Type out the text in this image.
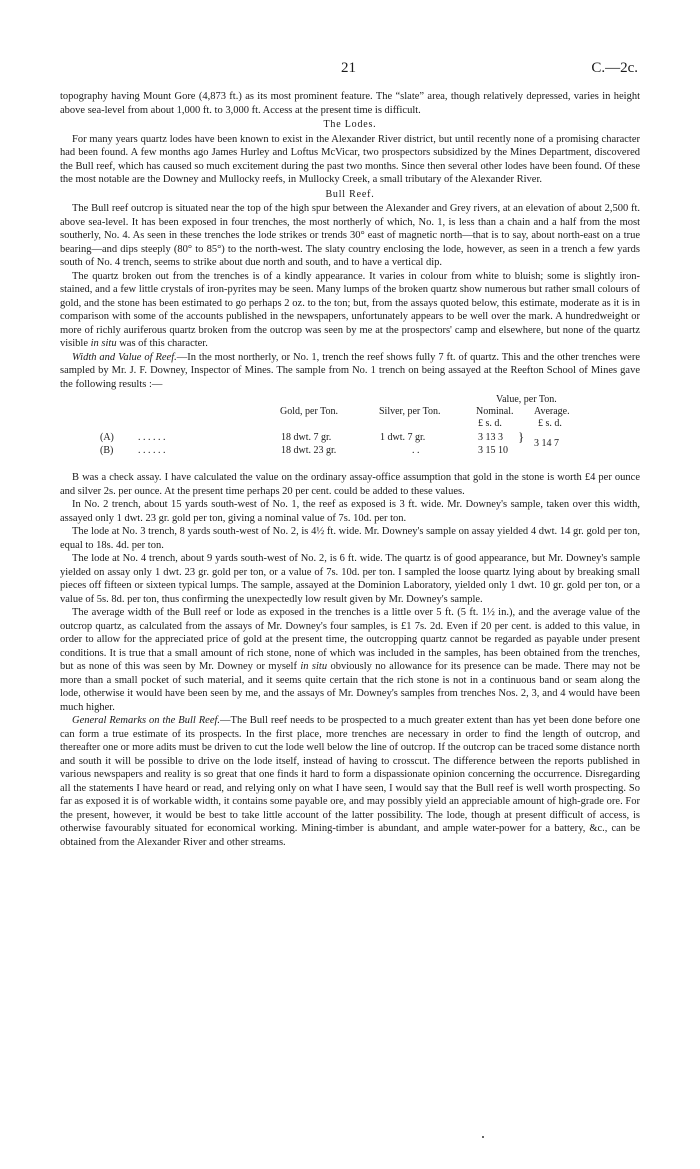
21	C.—2c.

topography having Mount Gore (4,873 ft.) as its most prominent feature. The “slate” area, though relatively depressed, varies in height above sea-level from about 1,000 ft. to 3,000 ft. Access at the present time is difficult.

The Lodes.

For many years quartz lodes have been known to exist in the Alexander River district, but until recently none of a promising character had been found. A few months ago James Hurley and Loftus McVicar, two prospectors subsidized by the Mines Department, discovered the Bull reef, which has caused so much excitement during the past two months. Since then several other lodes have been found. Of these the most notable are the Downey and Mullocky reefs, in Mullocky Creek, a small tributary of the Alexander River.

Bull Reef.

The Bull reef outcrop is situated near the top of the high spur between the Alexander and Grey rivers, at an elevation of about 2,500 ft. above sea-level. It has been exposed in four trenches, the most northerly of which, No. 1, is less than a chain and a half from the most southerly, No. 4. As seen in these trenches the lode strikes or trends 30° east of magnetic north—that is to say, about north-east on a true bearing—and dips steeply (80° to 85°) to the north-west. The slaty country enclosing the lode, however, as seen in a trench a few yards south of No. 4 trench, seems to strike about due north and south, and to have a vertical dip.

The quartz broken out from the trenches is of a kindly appearance. It varies in colour from white to bluish; some is slightly iron-stained, and a few little crystals of iron-pyrites may be seen. Many lumps of the broken quartz show numerous but rather small colours of gold, and the stone has been estimated to go perhaps 2 oz. to the ton; but, from the assays quoted below, this estimate, moderate as it is in comparison with some of the accounts published in the newspapers, unfortunately appears to be well over the mark. A hundredweight or more of richly auriferous quartz broken from the outcrop was seen by me at the prospectors' camp and elsewhere, but none of the quartz visible in situ was of this character.

Width and Value of Reef.—In the most northerly, or No. 1, trench the reef shows fully 7 ft. of quartz. This and the other trenches were sampled by Mr. J. F. Downey, Inspector of Mines. The sample from No. 1 trench on being assayed at the Reefton School of Mines gave the following results :—

Value, per Ton.
Gold, per Ton.	Silver, per Ton.	Nominal. Average.
£ s. d.	£ s. d.
(A) . . . . . .	18 dwt. 7 gr.	1 dwt. 7 gr.	3 13 3
(B) . . . . . .	18 dwt. 23 gr.	. .	3 15 10
} 3 14 7

B was a check assay. I have calculated the value on the ordinary assay-office assumption that gold in the stone is worth £4 per ounce and silver 2s. per ounce. At the present time perhaps 20 per cent. could be added to these values.

In No. 2 trench, about 15 yards south-west of No. 1, the reef as exposed is 3 ft. wide. Mr. Downey's sample, taken over this width, assayed only 1 dwt. 23 gr. gold per ton, giving a nominal value of 7s. 10d. per ton.

The lode at No. 3 trench, 8 yards south-west of No. 2, is 4½ ft. wide. Mr. Downey's sample on assay yielded 4 dwt. 14 gr. gold per ton, equal to 18s. 4d. per ton.

The lode at No. 4 trench, about 9 yards south-west of No. 2, is 6 ft. wide. The quartz is of good appearance, but Mr. Downey's sample yielded on assay only 1 dwt. 23 gr. gold per ton, or a value of 7s. 10d. per ton. I sampled the loose quartz lying about by breaking small pieces off fifteen or sixteen typical lumps. The sample, assayed at the Dominion Laboratory, yielded only 1 dwt. 10 gr. gold per ton, or a value of 5s. 8d. per ton, thus confirming the unexpectedly low result given by Mr. Downey's sample.

The average width of the Bull reef or lode as exposed in the trenches is a little over 5 ft. (5 ft. 1½ in.), and the average value of the outcrop quartz, as calculated from the assays of Mr. Downey's four samples, is £1 7s. 2d. Even if 20 per cent. is added to this value, in order to allow for the appreciated price of gold at the present time, the outcropping quartz cannot be regarded as payable under present conditions. It is true that a small amount of rich stone, none of which was included in the samples, has been obtained from the trenches, but as none of this was seen by Mr. Downey or myself in situ obviously no allowance for its presence can be made. There may not be more than a small pocket of such material, and it seems quite certain that the rich stone is not in a continuous band or seam along the lode, otherwise it would have been seen by me, and the assays of Mr. Downey's samples from trenches Nos. 2, 3, and 4 would have been much higher.

General Remarks on the Bull Reef.—The Bull reef needs to be prospected to a much greater extent than has yet been done before one can form a true estimate of its prospects. In the first place, more trenches are necessary in order to find the length of outcrop, and thereafter one or more adits must be driven to cut the lode well below the line of outcrop. If the outcrop can be traced some distance north and south it will be possible to drive on the lode itself, instead of having to crosscut. The difference between the reports published in various newspapers and reality is so great that one finds it hard to form a dispassionate opinion concerning the occurrence. Disregarding all the statements I have heard or read, and relying only on what I have seen, I would say that the Bull reef is well worth prospecting. So far as exposed it is of workable width, it contains some payable ore, and may possibly yield an appreciable amount of high-grade ore. For the present, however, it would be best to take little account of the latter possibility. The lode, though at present difficult of access, is otherwise favourably situated for economical working. Mining-timber is abundant, and ample water-power for a battery, &c., can be obtained from the Alexander River and other streams.
